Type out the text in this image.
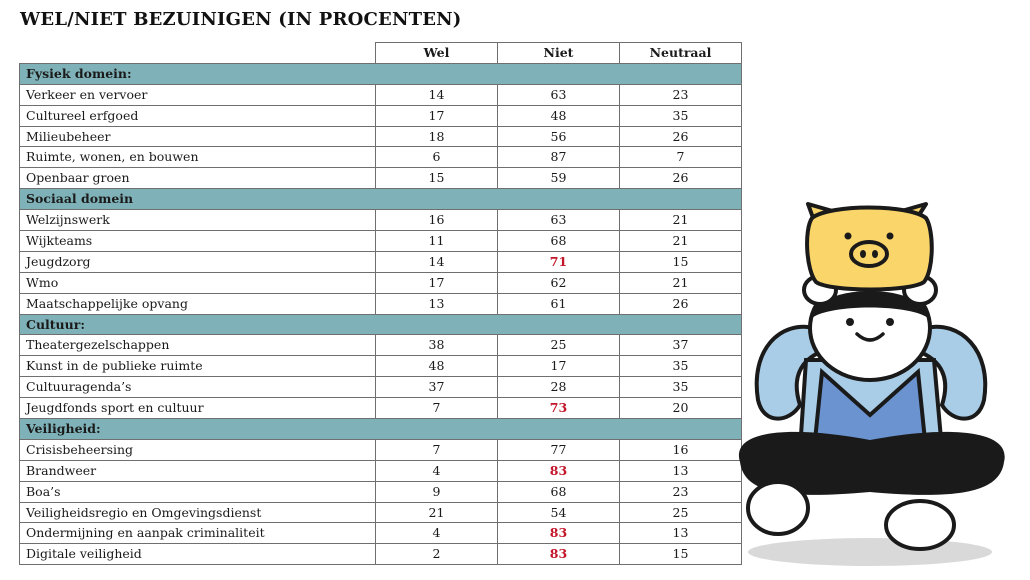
WEL/NIET BEZUINIGEN (IN PROCENTEN)
	Wel	Niet	Neutraal
Fysiek domein:			
Verkeer en vervoer	14	63	23
Cultureel erfgoed	17	48	35
Milieubeheer	18	56	26
Ruimte, wonen, en bouwen	6	87	7
Openbaar groen	15	59	26
Sociaal domein			
Welzijnswerk	16	63	21
Wijkteams	11	68	21
Jeugdzorg	14	71	15
Wmo	17	62	21
Maatschappelijke opvang	13	61	26
Cultuur:			
Theatergezelschappen	38	25	37
Kunst in de publieke ruimte	48	17	35
Cultuuragenda’s	37	28	35
Jeugdfonds sport en cultuur	7	73	20
Veiligheid:			
Crisisbeheersing	7	77	16
Brandweer	4	83	13
Boa’s	9	68	23
Veiligheidsregio en Omgevingsdienst	21	54	25
Ondermijning en aanpak criminaliteit	4	83	13
Digitale veiligheid	2	83	15
